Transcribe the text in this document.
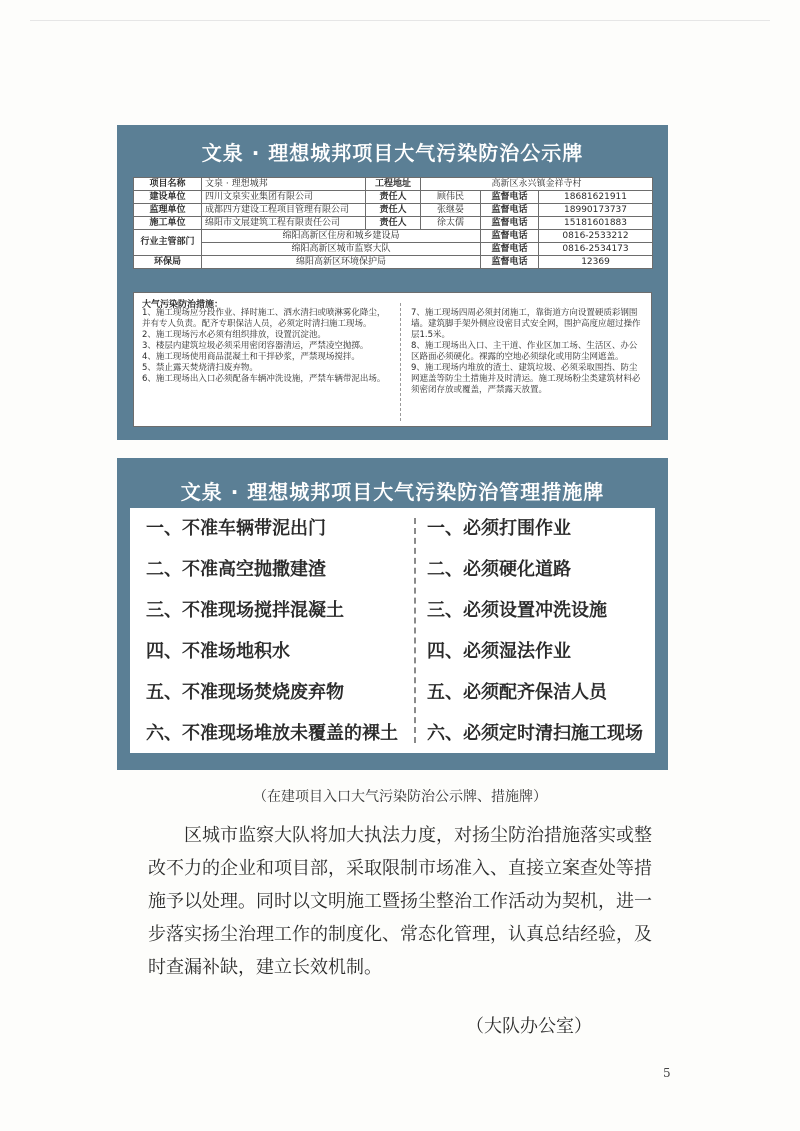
文泉 · 理想城邦项目大气污染防治公示牌
项目名称	文泉 · 理想城邦	工程地址	高新区永兴镇金祥寺村		
建设单位	四川文泉实业集团有限公司	责任人	顾伟民	监督电话	18681621911
监理单位	成都四方建设工程项目管理有限公司	责任人	张继晏	监督电话	18990173737
施工单位	绵阳市文展建筑工程有限责任公司	责任人	徐太儒	监督电话	15181601883
行业主管部门	绵阳高新区住房和城乡建设局			监督电话	0816-2533212
	绵阳高新区城市监察大队			监督电话	0816-2534173
环保局	绵阳高新区环境保护局			监督电话	12369
大气污染防治措施：
1、施工现场应分段作业、择时施工、洒水清扫或喷淋雾化降尘，并有专人负责。配齐专职保洁人员，必须定时清扫施工现场。
2、施工现场污水必须有组织排放，设置沉淀池。
3、楼层内建筑垃圾必须采用密闭容器清运，严禁凌空抛掷。
4、施工现场使用商品混凝土和干拌砂浆，严禁现场搅拌。
5、禁止露天焚烧清扫废弃物。
6、施工现场出入口必须配备车辆冲洗设施，严禁车辆带泥出场。
7、施工现场四周必须封闭施工，靠街道方向设置硬质彩钢围墙。建筑脚手架外侧应设密目式安全网，围护高度应超过操作层1.5米。
8、施工现场出入口、主干道、作业区加工场、生活区、办公区路面必须硬化。裸露的空地必须绿化或用防尘网遮盖。
9、施工现场内堆放的渣土、建筑垃圾、必须采取围挡、防尘网遮盖等防尘土措施并及时清运。施工现场粉尘类建筑材料必须密闭存放或覆盖，严禁露天放置。
文泉 · 理想城邦项目大气污染防治管理措施牌
一、不准车辆带泥出门
二、不准高空抛撒建渣
三、不准现场搅拌混凝土
四、不准场地积水
五、不准现场焚烧废弃物
六、不准现场堆放未覆盖的裸土
一、必须打围作业
二、必须硬化道路
三、必须设置冲洗设施
四、必须湿法作业
五、必须配齐保洁人员
六、必须定时清扫施工现场
（在建项目入口大气污染防治公示牌、措施牌）

区城市监察大队将加大执法力度，对扬尘防治措施落实或整改不力的企业和项目部，采取限制市场准入、直接立案查处等措施予以处理。同时以文明施工暨扬尘整治工作活动为契机，进一步落实扬尘治理工作的制度化、常态化管理，认真总结经验，及时查漏补缺，建立长效机制。

（大队办公室）
5
